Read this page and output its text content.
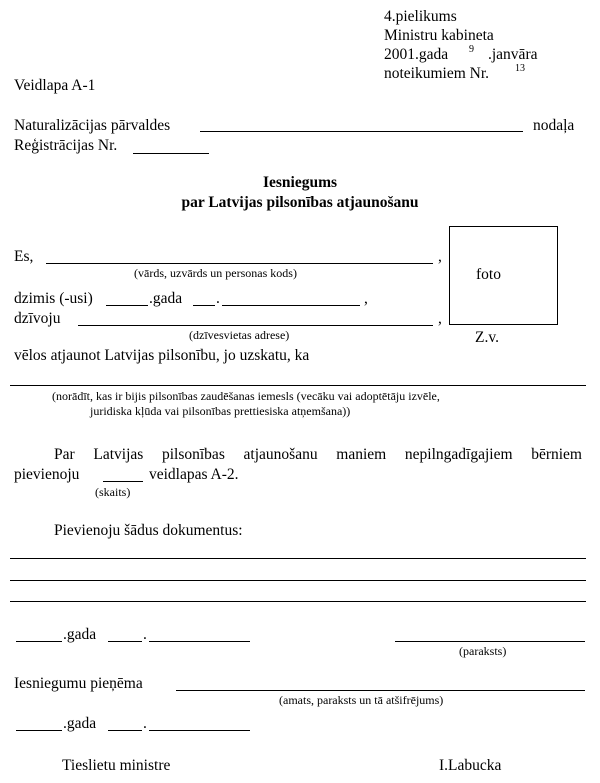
4.pielikums
Ministru kabineta
2001.gada 9 .janvāra
noteikumiem Nr.	13
Veidlapa A-1
Naturalizācijas pārvaldes	nodaļa
Reģistrācijas Nr.
Iesniegums
par Latvijas pilsonības atjaunošanu
Es,	,
(vārds, uzvārds un personas kods)
dzimis (-usi)	.gada .	,
dzīvoju	,
(dzīvesvietas adrese)
foto
Z.v.
vēlos atjaunot Latvijas pilsonību, jo uzskatu, ka
(norādīt, kas ir bijis pilsonības zaudēšanas iemesls (vecāku vai adoptētāju izvēle,
juridiska kļūda vai pilsonības prettiesiska atņemšana))
Par Latvijas pilsonības atjaunošanu maniem nepilngadīgajiem bērniem
pievienoju	veidlapas A-2.
(skaits)
Pievienoju šādus dokumentus:
.gada	.
(paraksts)
Iesniegumu pieņēma
(amats, paraksts un tā atšifrējums)
.gada	.
Tieslietu ministre	I.Labucka
